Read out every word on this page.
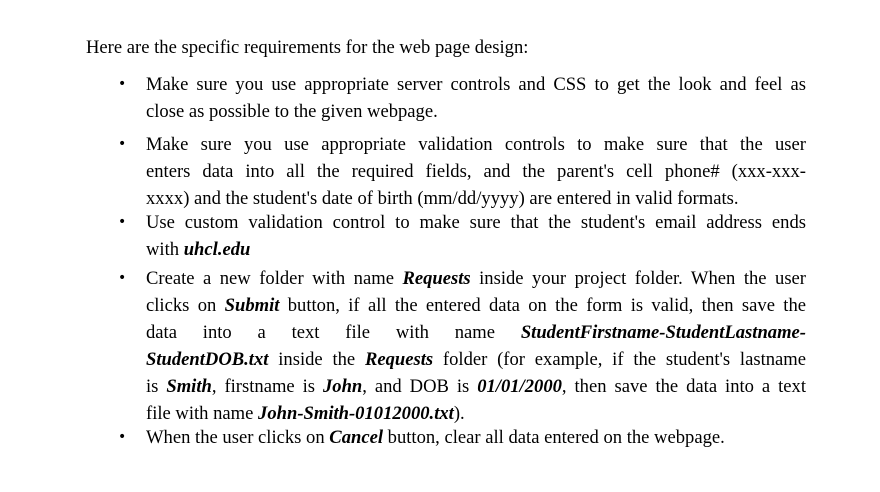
Here are the specific requirements for the web page design:
• Make sure you use appropriate server controls and CSS to get the look and feel as
close as possible to the given webpage.
• Make sure you use appropriate validation controls to make sure that the user
enters data into all the required fields, and the parent's cell phone# (xxx-xxx-
xxxx) and the student's date of birth (mm/dd/yyyy) are entered in valid formats.
• Use custom validation control to make sure that the student's email address ends
with uhcl.edu
• Create a new folder with name Requests inside your project folder. When the user
clicks on Submit button, if all the entered data on the form is valid, then save the
data into a text file with name StudentFirstname-StudentLastname-
StudentDOB.txt inside the Requests folder (for example, if the student's lastname
is Smith, firstname is John, and DOB is 01/01/2000, then save the data into a text
file with name John-Smith-01012000.txt).
• When the user clicks on Cancel button, clear all data entered on the webpage.
